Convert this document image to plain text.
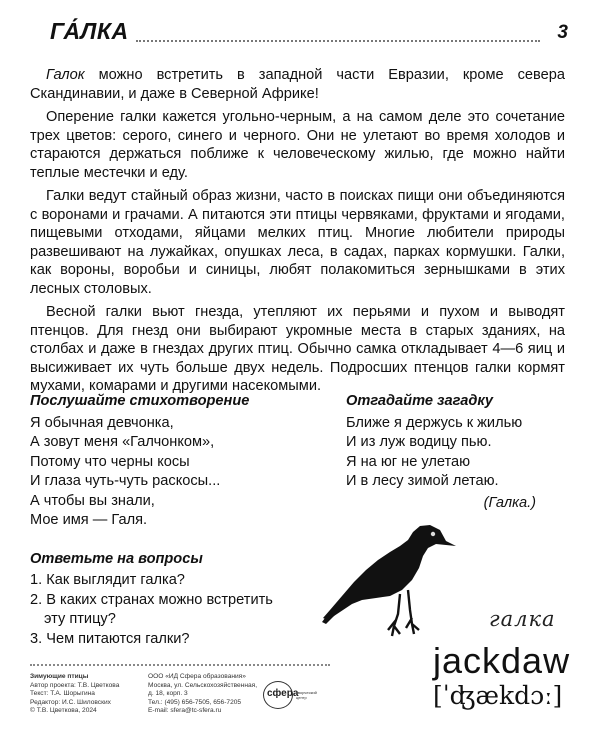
ГА́ЛКА	3

Галок можно встретить в западной части Евразии, кроме севера Скандинавии, и даже в Северной Африке!

Оперение галки кажется угольно-черным, а на самом деле это сочетание трех цветов: серого, синего и черного. Они не улетают во время холодов и стараются держаться поближе к человеческому жилью, где можно найти теплые местечки и еду.

Галки ведут стайный образ жизни, часто в поисках пищи они объединяются с воронами и грачами. А питаются эти птицы червяками, фруктами и ягодами, пищевыми отходами, яйцами мелких птиц. Многие любители природы развешивают на лужайках, опушках леса, в садах, парках кормушки. Галки, как вороны, воробьи и синицы, любят полакомиться зернышками в этих лесных столовых.

Весной галки вьют гнезда, утепляют их перьями и пухом и выводят птенцов. Для гнезд они выбирают укромные места в старых зданиях, на столбах и даже в гнездах других птиц. Обычно самка откладывает 4—6 яиц и высиживает их чуть больше двух недель. Подросших птенцов галки кормят мухами, комарами и другими насекомыми.

Послушайте стихотворение
Я обычная девчонка,
А зовут меня «Галчонком»,
Потому что черны косы
И глаза чуть-чуть раскосы...
А чтобы вы знали,
Мое имя — Галя.
Ответьте на вопросы
1. Как выглядит галка?
2. В каких странах можно встретить
эту птицу?
3. Чем питаются галки?
Отгадайте загадку
Ближе я держусь к жилью
И из луж водицу пью.
Я на юг не улетаю
И в лесу зимой летаю.
(Галка.)
галка
Зимующие птицы
Автор проекта: Т.В. Цветкова
Текст: Т.А. Шорыгина
Редактор: И.С. Шиловских
© Т.В. Цветкова, 2024
ООО «ИД Сфера образования»
Москва, ул. Сельскохозяйственная,
д. 18, корп. 3
Тел.: (495) 656-7505, 656-7205
E-mail: sfera@tc-sfera.ru
сфера
творческий центр
jackdaw
[ˈʤækdɔː]
